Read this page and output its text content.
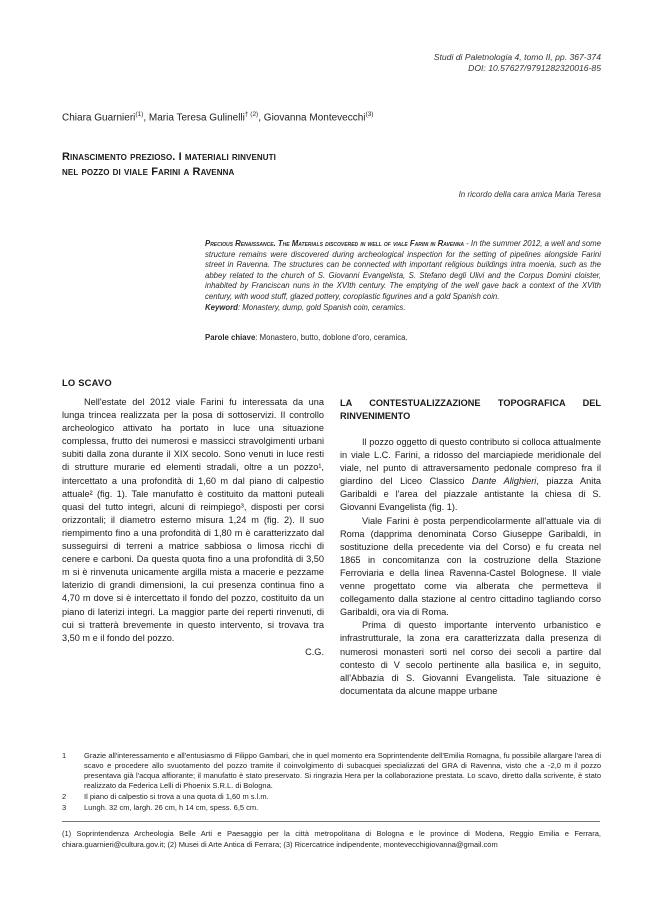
Studi di Paletnologia 4, tomo II, pp. 367-374
DOI: 10.57627/9791282320016-85
Chiara Guarnieri$^{(1)}$, Maria Teresa Gulinelli$^{\dagger (2)}$, Giovanna Montevecchi$^{(3)}$
Rinascimento prezioso. I materiali rinvenuti
nel pozzo di viale Farini a Ravenna
In ricordo della cara amica Maria Teresa
Precious Renaissance. The Materials discovered in well of viale Farini in Ravenna - In the summer 2012, a well and some structure remains were discovered during archeological inspection for the setting of pipelines alongside Farini street in Ravenna. The structures can be connected with important religious buildings intra moenia, such as the abbey related to the church of S. Giovanni Evangelista, S. Stefano degli Ulivi and the Corpus Domini cloister, inhabited by Franciscan nuns in the XVIth century. The emptying of the well gave back a context of the XVIth century, with wood stuff, glazed pottery, coroplastic figurines and a gold Spanish coin.
Keyword: Monastery, dump, gold Spanish coin, ceramics.
Parole chiave: Monastero, butto, doblone d'oro, ceramica.
LO SCAVO

Nell'estate del 2012 viale Farini fu interessata da una lunga trincea realizzata per la posa di sottoservizi. Il controllo archeologico attivato ha portato in luce una situazione complessa, frutto dei numerosi e massicci stravolgimenti urbani subiti dalla zona durante il XIX secolo. Sono venuti in luce resti di strutture murarie ed elementi stradali, oltre a un pozzo¹, intercettato a una profondità di 1,60 m dal piano di calpestio attuale² (fig. 1). Tale manufatto è costituito da mattoni puteali quasi del tutto integri, alcuni di reimpiego³, disposti per corsi orizzontali; il diametro esterno misura 1,24 m (fig. 2). Il suo riempimento fino a una profondità di 1,80 m è caratterizzato dal susseguirsi di terreni a matrice sabbiosa o limosa ricchi di cenere e carboni. Da questa quota fino a una profondità di 3,50 m si è rinvenuta unicamente argilla mista a macerie e pezzame laterizio di grandi dimensioni, la cui presenza continua fino a 4,70 m dove si è intercettato il fondo del pozzo, costituito da un piano di laterizi integri. La maggior parte dei reperti rinvenuti, di cui si tratterà brevemente in questo intervento, si trovava tra 3,50 m e il fondo del pozzo.

C.G.

LA CONTESTUALIZZAZIONE TOPOGRAFICA DEL RINVENIMENTO

Il pozzo oggetto di questo contributo si colloca attualmente in viale L.C. Farini, a ridosso del marciapiede meridionale del viale, nel punto di attraversamento pedonale compreso fra il giardino del Liceo Classico Dante Alighieri, piazza Anita Garibaldi e l'area del piazzale antistante la chiesa di S. Giovanni Evangelista (fig. 1).

Viale Farini è posta perpendicolarmente all'attuale via di Roma (dapprima denominata Corso Giuseppe Garibaldi, in sostituzione della precedente via del Corso) e fu creata nel 1865 in concomitanza con la costruzione della Stazione Ferroviaria e della linea Ravenna-Castel Bolognese. Il viale venne progettato come via alberata che permetteva il collegamento dalla stazione al centro cittadino tagliando corso Garibaldi, ora via di Roma.

Prima di questo importante intervento urbanistico e infrastrutturale, la zona era caratterizzata dalla presenza di numerosi monasteri sorti nel corso dei secoli a partire dal contesto di V secolo pertinente alla basilica e, in seguito, all'Abbazia di S. Giovanni Evangelista. Tale situazione è documentata da alcune mappe urbane

1	Grazie all'interessamento e all'entusiasmo di Filippo Gambari, che in quel momento era Soprintendente dell'Emilia Romagna, fu possibile allargare l'area di scavo e procedere allo svuotamento del pozzo tramite il coinvolgimento di subacquei specializzati del GRA di Ravenna, visto che a -2,0 m il pozzo presentava già l'acqua affiorante; il manufatto è stato preservato. Si ringrazia Hera per la collaborazione prestata. Lo scavo, diretto dalla scrivente, è stato realizzato da Federica Lelli di Phoenix S.R.L. di Bologna.
2	Il piano di calpestio si trova a una quota di 1,60 m s.l.m.
3	Lungh. 32 cm, largh. 26 cm, h 14 cm, spess. 6,5 cm.
(1) Soprintendenza Archeologia Belle Arti e Paesaggio per la città metropolitana di Bologna e le province di Modena, Reggio Emilia e Ferrara, chiara.guarnieri@cultura.gov.it; (2) Musei di Arte Antica di Ferrara; (3) Ricercatrice indipendente, montevecchigiovanna@gmail.com
